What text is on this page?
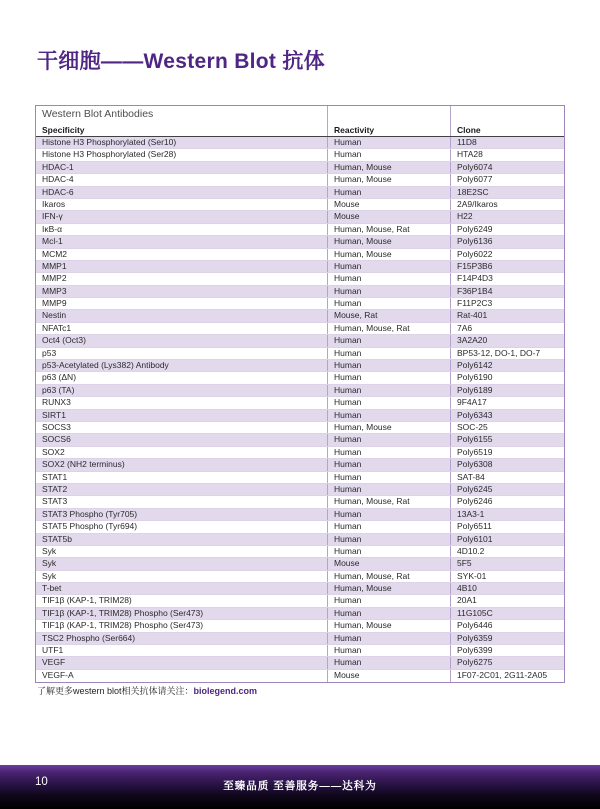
干细胞——Western Blot 抗体
Western Blot Antibodies
Specificity	Reactivity	Clone
Histone H3 Phosphorylated (Ser10)	Human	11D8
Histone H3 Phosphorylated (Ser28)	Human	HTA28
HDAC-1	Human, Mouse	Poly6074
HDAC-4	Human, Mouse	Poly6077
HDAC-6	Human	18E2SC
Ikaros	Mouse	2A9/Ikaros
IFN-γ	Mouse	H22
IκB-α	Human, Mouse, Rat	Poly6249
Mcl-1	Human, Mouse	Poly6136
MCM2	Human, Mouse	Poly6022
MMP1	Human	F15P3B6
MMP2	Human	F14P4D3
MMP3	Human	F36P1B4
MMP9	Human	F11P2C3
Nestin	Mouse, Rat	Rat-401
NFATc1	Human, Mouse, Rat	7A6
Oct4 (Oct3)	Human	3A2A20
p53	Human	BP53-12, DO-1, DO-7
p53-Acetylated (Lys382) Antibody	Human	Poly6142
p63 (ΔN)	Human	Poly6190
p63 (TA)	Human	Poly6189
RUNX3	Human	9F4A17
SIRT1	Human	Poly6343
SOCS3	Human, Mouse	SOC-25
SOCS6	Human	Poly6155
SOX2	Human	Poly6519
SOX2 (NH2 terminus)	Human	Poly6308
STAT1	Human	SAT-84
STAT2	Human	Poly6245
STAT3	Human, Mouse, Rat	Poly6246
STAT3 Phospho (Tyr705)	Human	13A3-1
STAT5 Phospho (Tyr694)	Human	Poly6511
STAT5b	Human	Poly6101
Syk	Human	4D10.2
Syk	Mouse	5F5
Syk	Human, Mouse, Rat	SYK-01
T-bet	Human, Mouse	4B10
TIF1β (KAP-1, TRIM28)	Human	20A1
TIF1β (KAP-1, TRIM28) Phospho (Ser473)	Human	11G105C
TIF1β (KAP-1, TRIM28) Phospho (Ser473)	Human, Mouse	Poly6446
TSC2 Phospho (Ser664)	Human	Poly6359
UTF1	Human	Poly6399
VEGF	Human	Poly6275
VEGF-A	Mouse	1F07-2C01, 2G11-2A05

了解更多western blot相关抗体请关注：biolegend.com

10	至臻品质 至善服务——达科为
